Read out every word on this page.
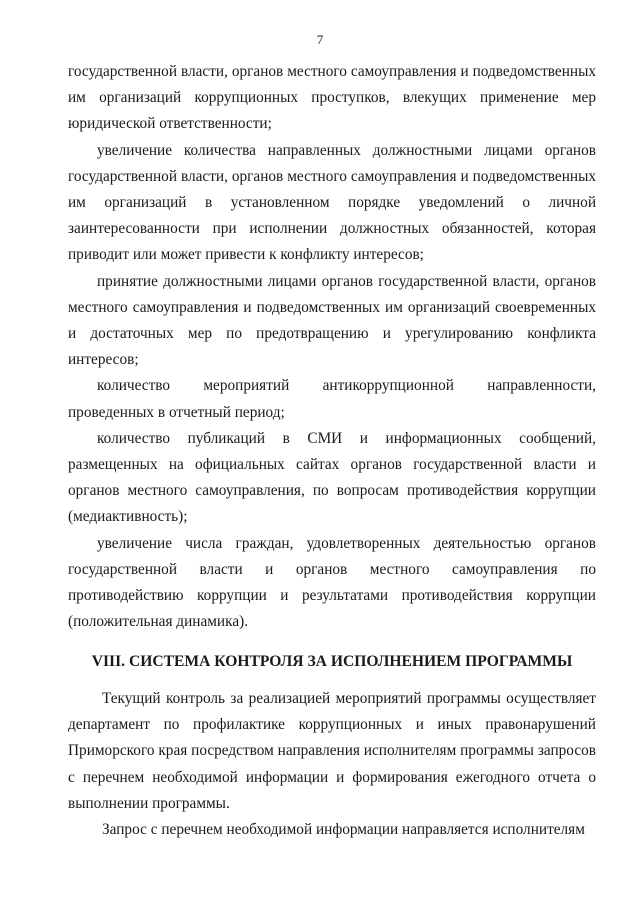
7

государственной власти, органов местного самоуправления и подведомственных им организаций коррупционных проступков, влекущих применение мер юридической ответственности;

увеличение количества направленных должностными лицами органов государственной власти, органов местного самоуправления и подведомственных им организаций в установленном порядке уведомлений о личной заинтересованности при исполнении должностных обязанностей, которая приводит или может привести к конфликту интересов;

принятие должностными лицами органов государственной власти, органов местного самоуправления и подведомственных им организаций своевременных и достаточных мер по предотвращению и урегулированию конфликта интересов;

количество мероприятий антикоррупционной направленности, проведенных в отчетный период;

количество публикаций в СМИ и информационных сообщений, размещенных на официальных сайтах органов государственной власти и органов местного самоуправления, по вопросам противодействия коррупции (медиактивность);

увеличение числа граждан, удовлетворенных деятельностью органов государственной власти и органов местного самоуправления по противодействию коррупции и результатами противодействия коррупции (положительная динамика).

VIII. СИСТЕМА КОНТРОЛЯ ЗА ИСПОЛНЕНИЕМ ПРОГРАММЫ

Текущий контроль за реализацией мероприятий программы осуществляет департамент по профилактике коррупционных и иных правонарушений Приморского края посредством направления исполнителям программы запросов с перечнем необходимой информации и формирования ежегодного отчета о выполнении программы.

Запрос с перечнем необходимой информации направляется исполнителям
